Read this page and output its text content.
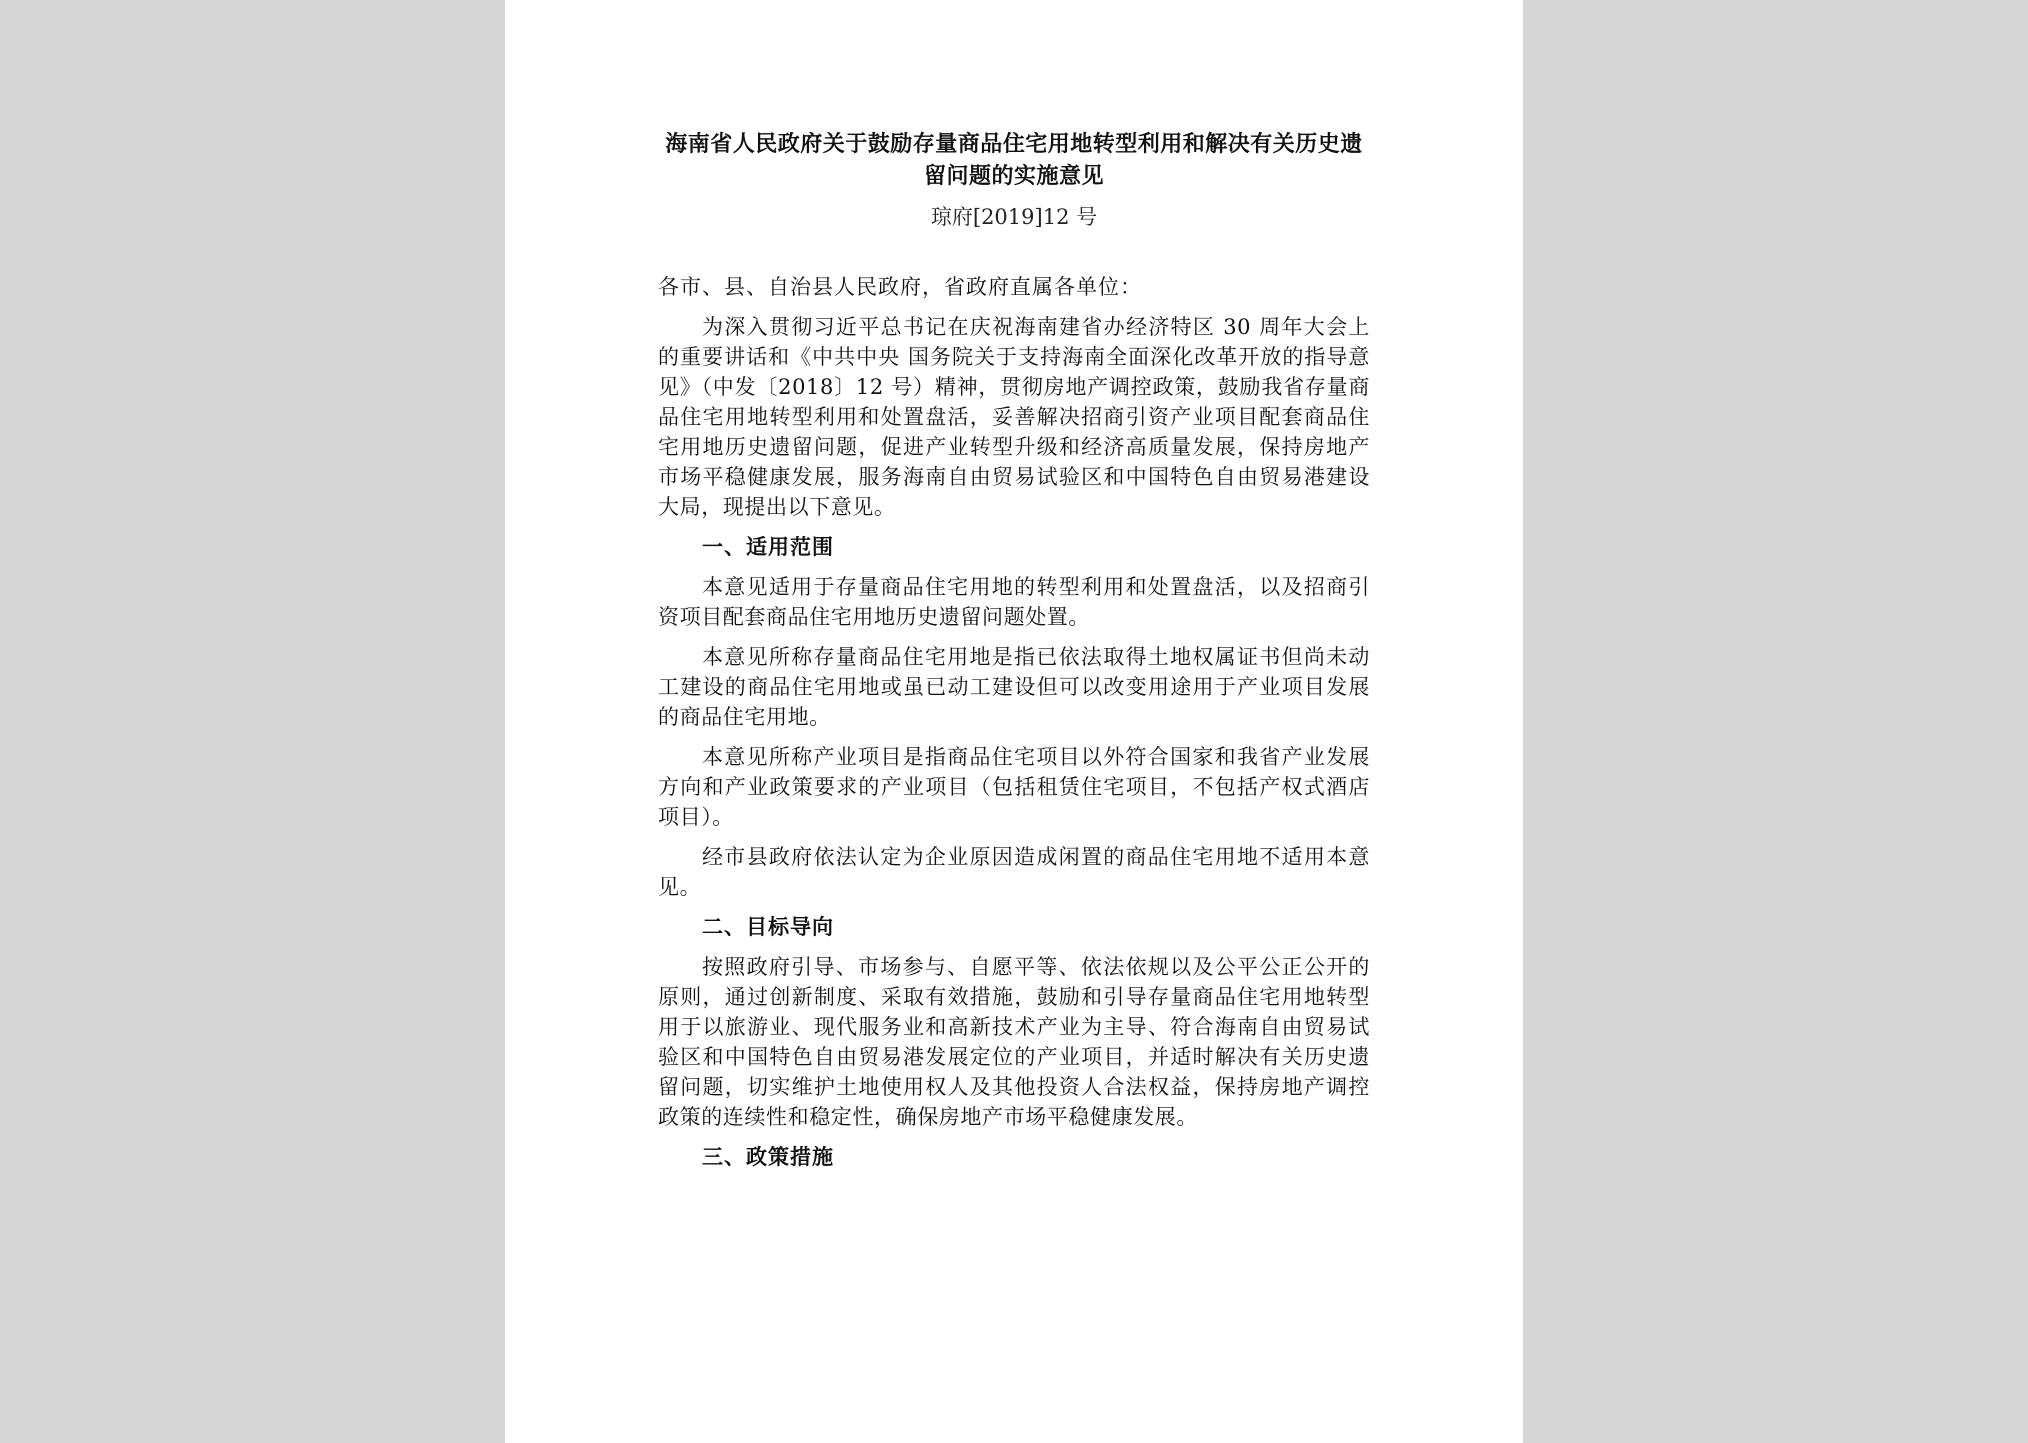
海南省人民政府关于鼓励存量商品住宅用地转型利用和解决有关历史遗留问题的实施意见
琼府[2019]12 号

各市、县、自治县人民政府，省政府直属各单位：

为深入贯彻习近平总书记在庆祝海南建省办经济特区 30 周年大会上的重要讲话和《中共中央 国务院关于支持海南全面深化改革开放的指导意见》（中发〔2018〕12 号）精神，贯彻房地产调控政策，鼓励我省存量商品住宅用地转型利用和处置盘活，妥善解决招商引资产业项目配套商品住宅用地历史遗留问题，促进产业转型升级和经济高质量发展，保持房地产市场平稳健康发展，服务海南自由贸易试验区和中国特色自由贸易港建设大局，现提出以下意见。

一、适用范围

本意见适用于存量商品住宅用地的转型利用和处置盘活，以及招商引资项目配套商品住宅用地历史遗留问题处置。

本意见所称存量商品住宅用地是指已依法取得土地权属证书但尚未动工建设的商品住宅用地或虽已动工建设但可以改变用途用于产业项目发展的商品住宅用地。

本意见所称产业项目是指商品住宅项目以外符合国家和我省产业发展方向和产业政策要求的产业项目（包括租赁住宅项目，不包括产权式酒店项目）。

经市县政府依法认定为企业原因造成闲置的商品住宅用地不适用本意见。

二、目标导向

按照政府引导、市场参与、自愿平等、依法依规以及公平公正公开的原则，通过创新制度、采取有效措施，鼓励和引导存量商品住宅用地转型用于以旅游业、现代服务业和高新技术产业为主导、符合海南自由贸易试验区和中国特色自由贸易港发展定位的产业项目，并适时解决有关历史遗留问题，切实维护土地使用权人及其他投资人合法权益，保持房地产调控政策的连续性和稳定性，确保房地产市场平稳健康发展。

三、政策措施
